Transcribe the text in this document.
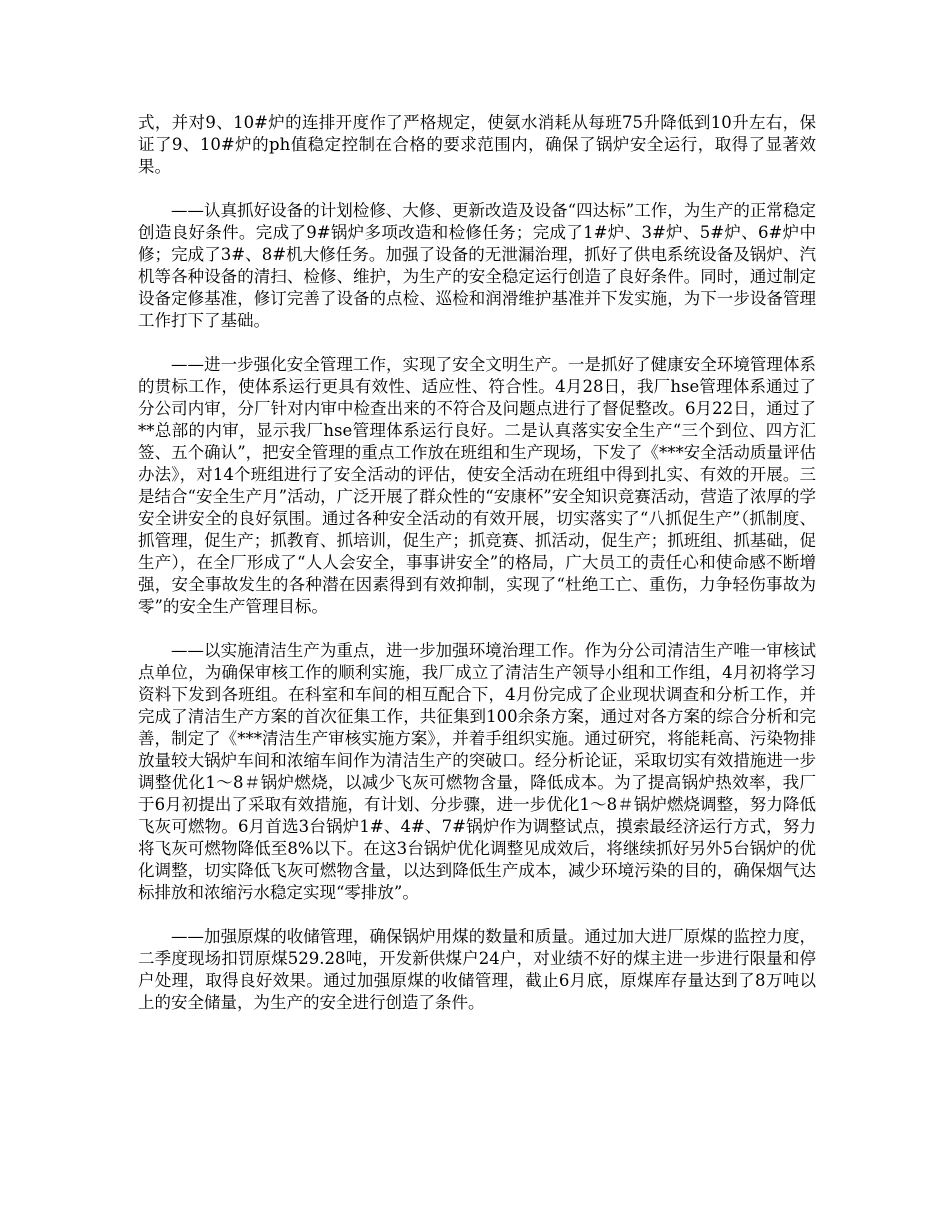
式，并对9、10#炉的连排开度作了严格规定，使氨水消耗从每班75升降低到10升左右，保证了9、10#炉的ph值稳定控制在合格的要求范围内，确保了锅炉安全运行，取得了显著效果。

——认真抓好设备的计划检修、大修、更新改造及设备“四达标”工作，为生产的正常稳定创造良好条件。完成了9#锅炉多项改造和检修任务；完成了1#炉、3#炉、5#炉、6#炉中修；完成了3#、8#机大修任务。加强了设备的无泄漏治理，抓好了供电系统设备及锅炉、汽机等各种设备的清扫、检修、维护，为生产的安全稳定运行创造了良好条件。同时，通过制定设备定修基准，修订完善了设备的点检、巡检和润滑维护基准并下发实施，为下一步设备管理工作打下了基础。

——进一步强化安全管理工作，实现了安全文明生产。一是抓好了健康安全环境管理体系的贯标工作，使体系运行更具有效性、适应性、符合性。4月28日，我厂hse管理体系通过了分公司内审，分厂针对内审中检查出来的不符合及问题点进行了督促整改。6月22日，通过了**总部的内审，显示我厂hse管理体系运行良好。二是认真落实安全生产“三个到位、四方汇签、五个确认”，把安全管理的重点工作放在班组和生产现场，下发了《***安全活动质量评估办法》，对14个班组进行了安全活动的评估，使安全活动在班组中得到扎实、有效的开展。三是结合“安全生产月”活动，广泛开展了群众性的“安康杯”安全知识竞赛活动，营造了浓厚的学安全讲安全的良好氛围。通过各种安全活动的有效开展，切实落实了“八抓促生产”（抓制度、抓管理，促生产；抓教育、抓培训，促生产；抓竞赛、抓活动，促生产；抓班组、抓基础，促生产），在全厂形成了“人人会安全，事事讲安全”的格局，广大员工的责任心和使命感不断增强，安全事故发生的各种潜在因素得到有效抑制，实现了“杜绝工亡、重伤，力争轻伤事故为零”的安全生产管理目标。

——以实施清洁生产为重点，进一步加强环境治理工作。作为分公司清洁生产唯一审核试点单位，为确保审核工作的顺利实施，我厂成立了清洁生产领导小组和工作组，4月初将学习资料下发到各班组。在科室和车间的相互配合下，4月份完成了企业现状调查和分析工作，并完成了清洁生产方案的首次征集工作，共征集到100余条方案，通过对各方案的综合分析和完善，制定了《***清洁生产审核实施方案》，并着手组织实施。通过研究，将能耗高、污染物排放量较大锅炉车间和浓缩车间作为清洁生产的突破口。经分析论证，采取切实有效措施进一步调整优化1～8＃锅炉燃烧，以减少飞灰可燃物含量，降低成本。为了提高锅炉热效率，我厂于6月初提出了采取有效措施，有计划、分步骤，进一步优化1～8＃锅炉燃烧调整，努力降低飞灰可燃物。6月首选3台锅炉1#、4#、7#锅炉作为调整试点，摸索最经济运行方式，努力将飞灰可燃物降低至8%以下。在这3台锅炉优化调整见成效后，将继续抓好另外5台锅炉的优化调整，切实降低飞灰可燃物含量，以达到降低生产成本，减少环境污染的目的，确保烟气达标排放和浓缩污水稳定实现“零排放”。

——加强原煤的收储管理，确保锅炉用煤的数量和质量。通过加大进厂原煤的监控力度，二季度现场扣罚原煤529.28吨，开发新供煤户24户，对业绩不好的煤主进一步进行限量和停户处理，取得良好效果。通过加强原煤的收储管理，截止6月底，原煤库存量达到了8万吨以上的安全储量，为生产的安全进行创造了条件。
